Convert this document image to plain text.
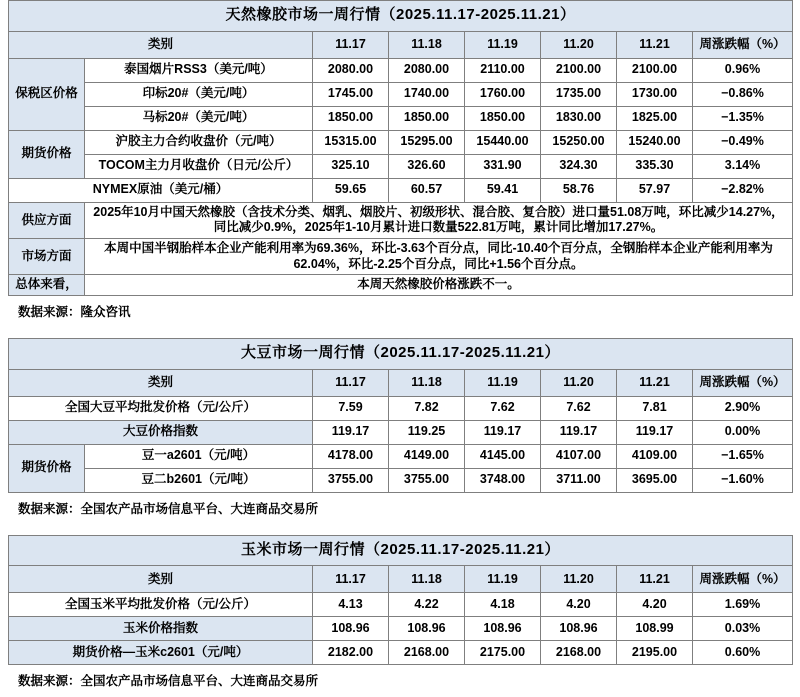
天然橡胶市场一周行情（2025.11.17-2025.11.21）							
类别		11.17	11.18	11.19	11.20	11.21	周涨跌幅（%）
保税区价格	泰国烟片RSS3（美元/吨）	2080.00	2080.00	2110.00	2100.00	2100.00	0.96%
	印标20#（美元/吨）	1745.00	1740.00	1760.00	1735.00	1730.00	−0.86%
	马标20#（美元/吨）	1850.00	1850.00	1850.00	1830.00	1825.00	−1.35%
期货价格	沪胶主力合约收盘价（元/吨）	15315.00	15295.00	15440.00	15250.00	15240.00	−0.49%
	TOCOM主力月收盘价（日元/公斤）	325.10	326.60	331.90	324.30	335.30	3.14%
NYMEX原油（美元/桶）		59.65	60.57	59.41	58.76	57.97	−2.82%
供应方面	2025年10月中国天然橡胶（含技术分类、烟乳、烟胶片、初级形状、混合胶、复合胶）进口量51.08万吨，环比减少14.27%，同比减少0.9%，2025年1-10月累计进口数量522.81万吨，累计同比增加17.27%。						
市场方面	本周中国半钢胎样本企业产能利用率为69.36%，环比-3.63个百分点，同比-10.40个百分点，全钢胎样本企业产能利用率为62.04%，环比-2.25个百分点，同比+1.56个百分点。						
总体来看，	本周天然橡胶价格涨跌不一。						
数据来源：隆众咨讯
大豆市场一周行情（2025.11.17-2025.11.21）							
类别		11.17	11.18	11.19	11.20	11.21	周涨跌幅（%）
全国大豆平均批发价格（元/公斤）		7.59	7.82	7.62	7.62	7.81	2.90%
大豆价格指数		119.17	119.25	119.17	119.17	119.17	0.00%
期货价格	豆一a2601（元/吨）	4178.00	4149.00	4145.00	4107.00	4109.00	−1.65%
	豆二b2601（元/吨）	3755.00	3755.00	3748.00	3711.00	3695.00	−1.60%
数据来源：全国农产品市场信息平台、大连商品交易所
玉米市场一周行情（2025.11.17-2025.11.21）						
类别	11.17	11.18	11.19	11.20	11.21	周涨跌幅（%）
全国玉米平均批发价格（元/公斤）	4.13	4.22	4.18	4.20	4.20	1.69%
玉米价格指数	108.96	108.96	108.96	108.96	108.99	0.03%
期货价格—玉米c2601（元/吨）	2182.00	2168.00	2175.00	2168.00	2195.00	0.60%
数据来源：全国农产品市场信息平台、大连商品交易所
